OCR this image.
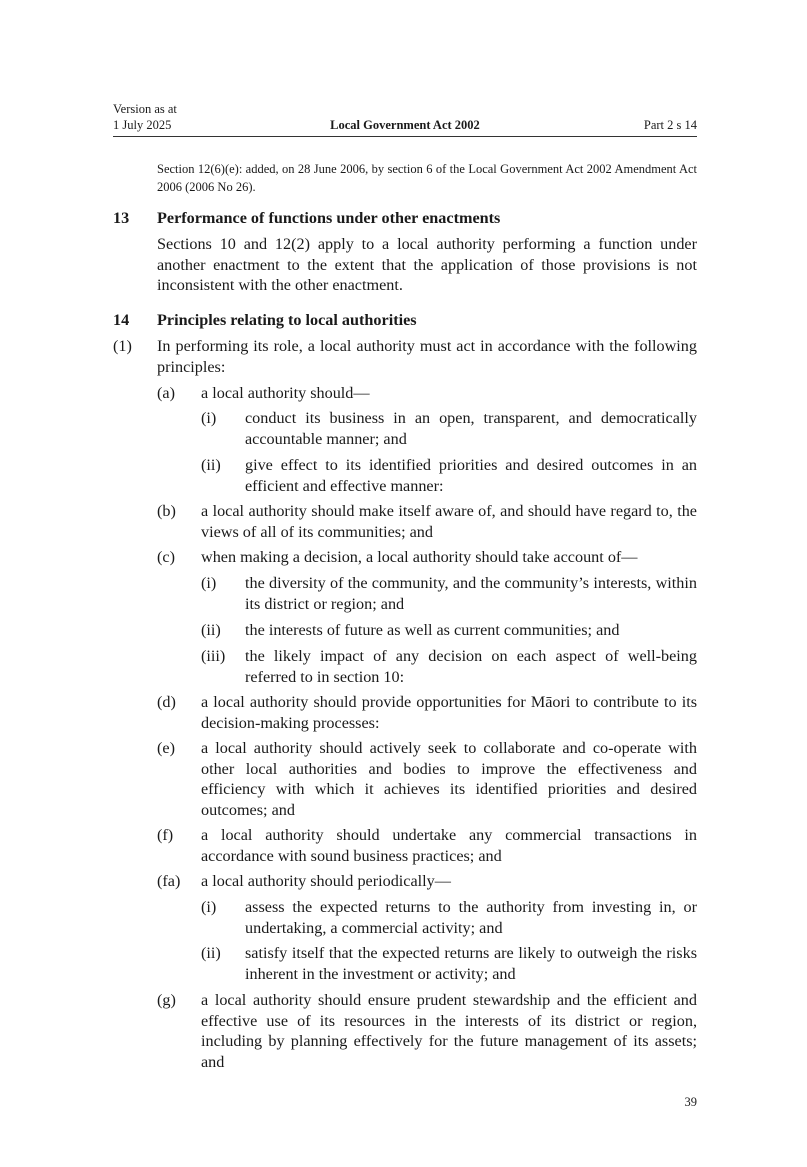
Version as at
1 July 2025	Local Government Act 2002	Part 2 s 14
Section 12(6)(e): added, on 28 June 2006, by section 6 of the Local Government Act 2002 Amendment Act 2006 (2006 No 26).
13 Performance of functions under other enactments
Sections 10 and 12(2) apply to a local authority performing a function under another enactment to the extent that the application of those provisions is not inconsistent with the other enactment.
14 Principles relating to local authorities
(1) In performing its role, a local authority must act in accordance with the following principles:
(a) a local authority should—
(i) conduct its business in an open, transparent, and democratically accountable manner; and
(ii) give effect to its identified priorities and desired outcomes in an efficient and effective manner:
(b) a local authority should make itself aware of, and should have regard to, the views of all of its communities; and
(c) when making a decision, a local authority should take account of—
(i) the diversity of the community, and the community’s interests, within its district or region; and
(ii) the interests of future as well as current communities; and
(iii) the likely impact of any decision on each aspect of well-being referred to in section 10:
(d) a local authority should provide opportunities for Māori to contribute to its decision-making processes:
(e) a local authority should actively seek to collaborate and co-operate with other local authorities and bodies to improve the effectiveness and efficiency with which it achieves its identified priorities and desired outcomes; and
(f) a local authority should undertake any commercial transactions in accordance with sound business practices; and
(fa) a local authority should periodically—
(i) assess the expected returns to the authority from investing in, or undertaking, a commercial activity; and
(ii) satisfy itself that the expected returns are likely to outweigh the risks inherent in the investment or activity; and
(g) a local authority should ensure prudent stewardship and the efficient and effective use of its resources in the interests of its district or region, including by planning effectively for the future management of its assets; and
39
